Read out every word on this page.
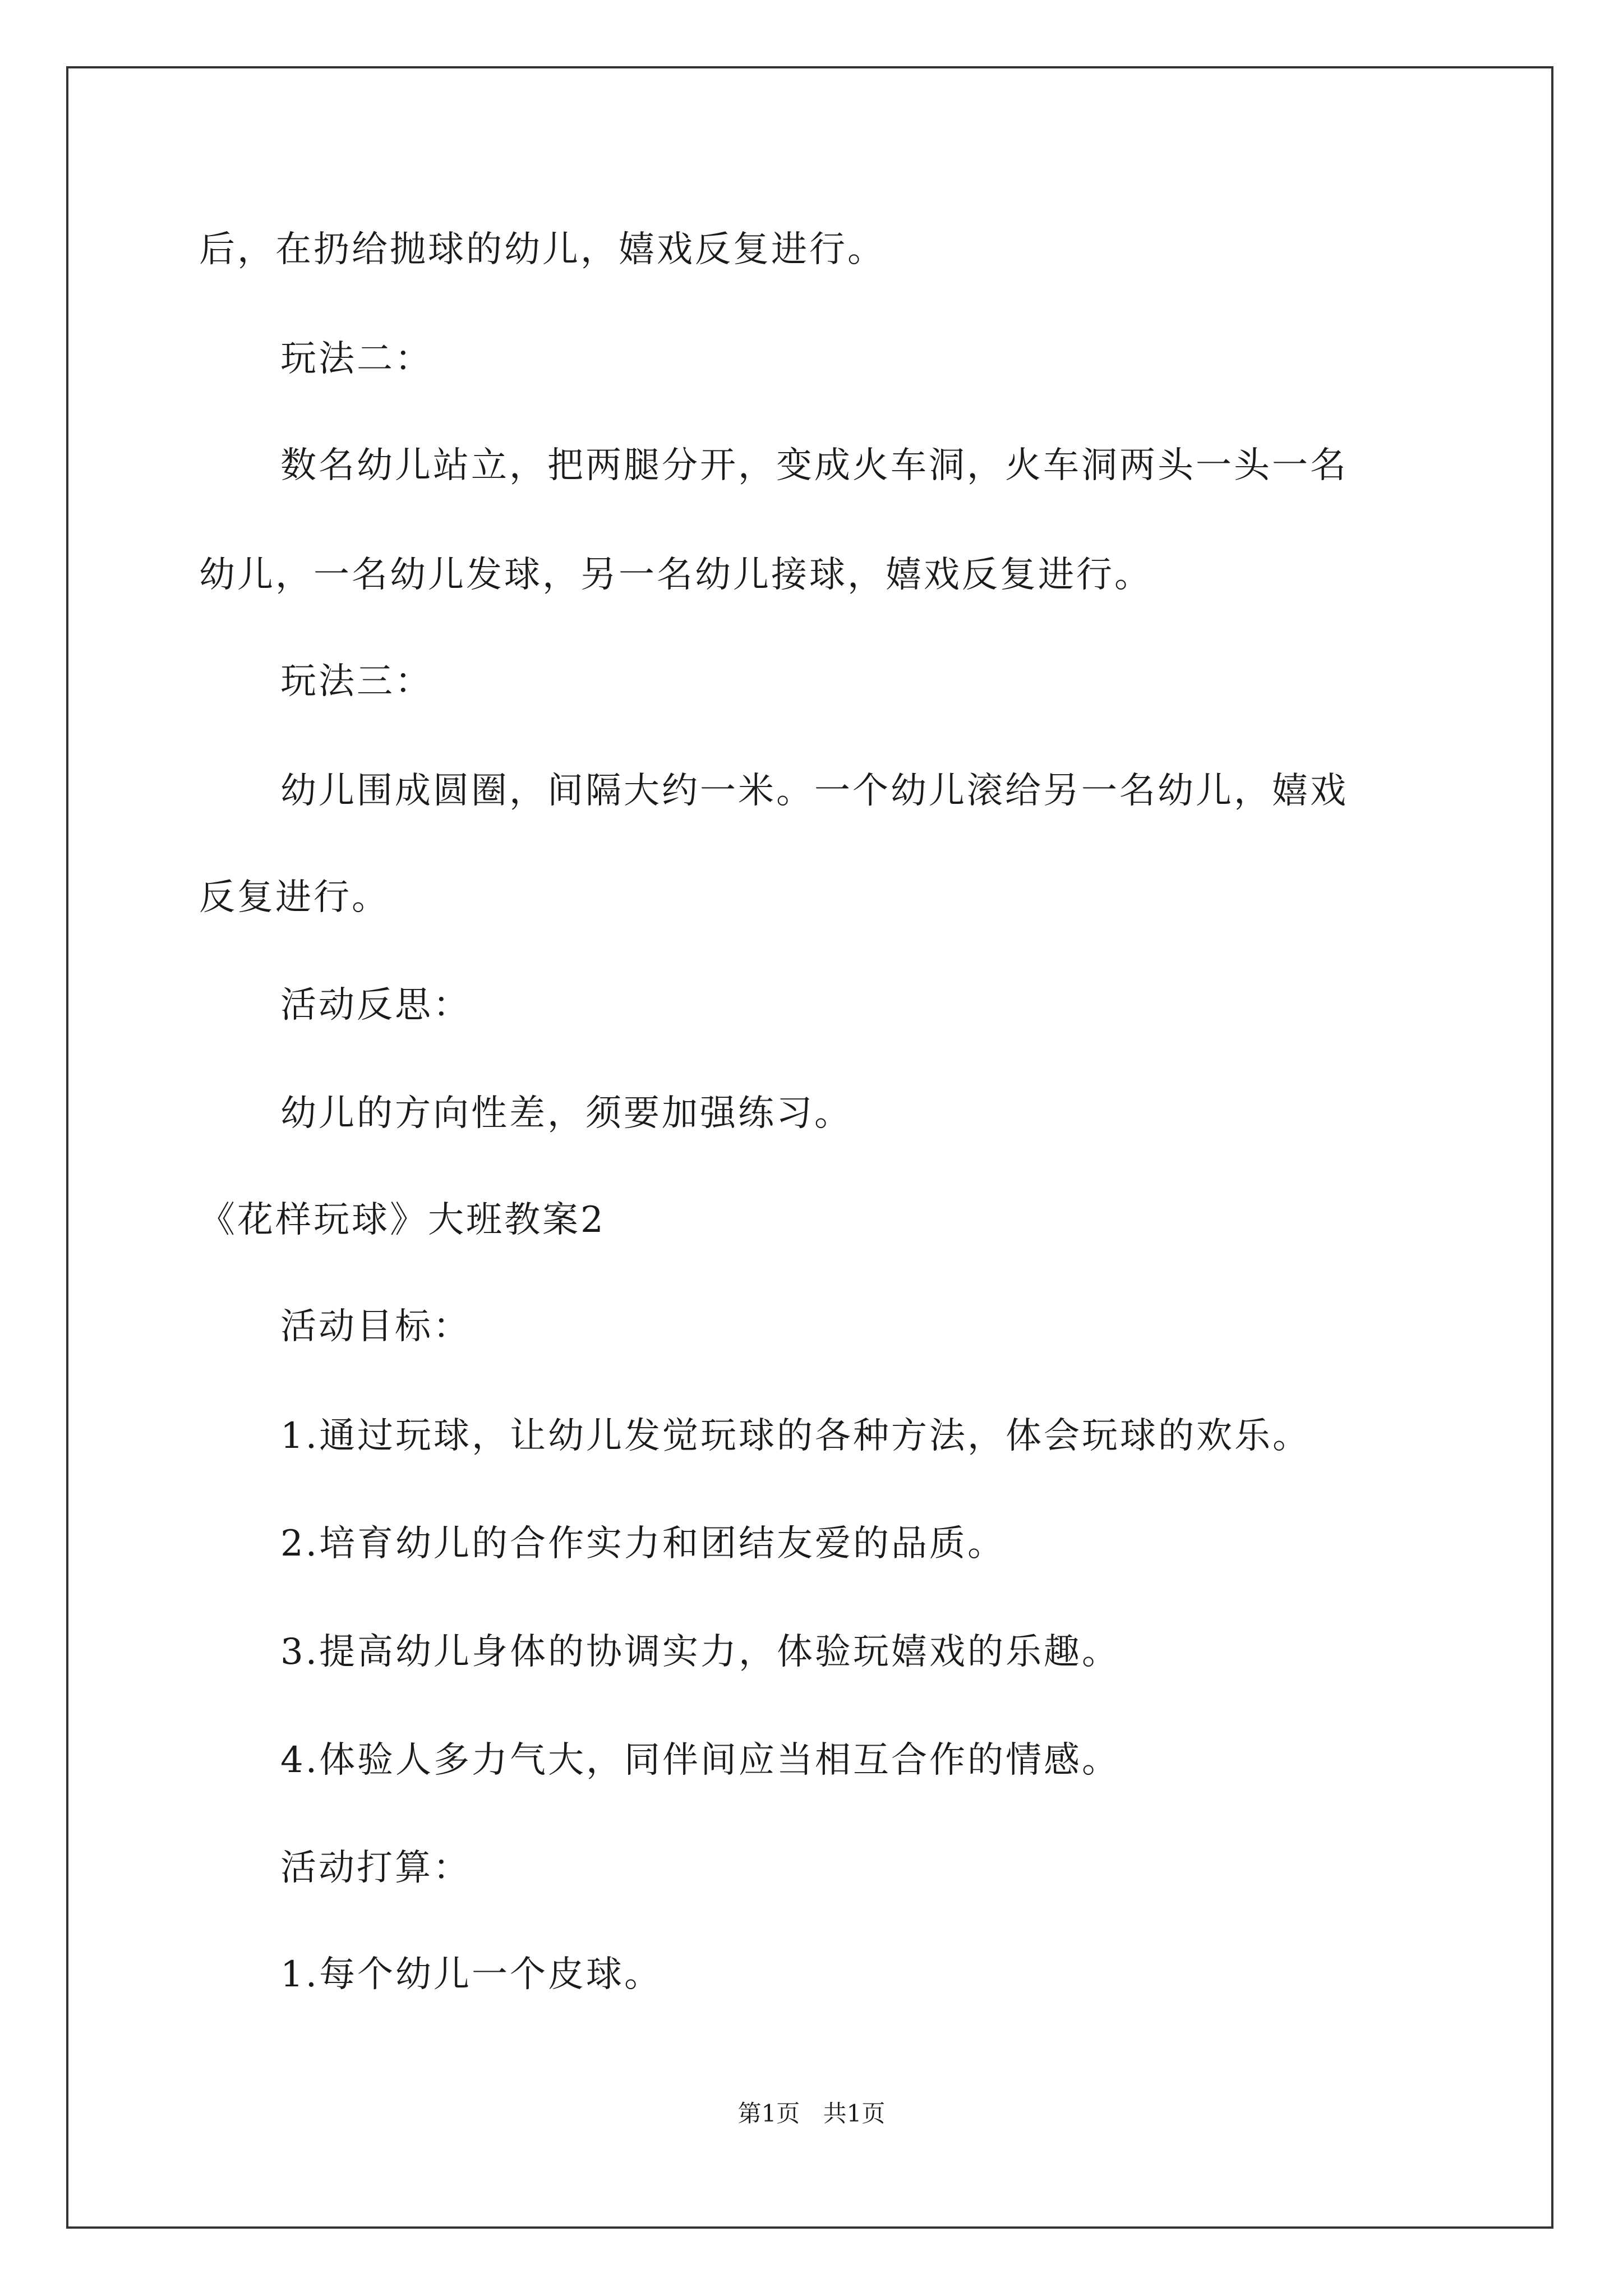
后，在扔给抛球的幼儿，嬉戏反复进行。
玩法二：
数名幼儿站立，把两腿分开，变成火车洞，火车洞两头一头一名
幼儿，一名幼儿发球，另一名幼儿接球，嬉戏反复进行。
玩法三：
幼儿围成圆圈，间隔大约一米。一个幼儿滚给另一名幼儿，嬉戏
反复进行。
活动反思：
幼儿的方向性差，须要加强练习。
《花样玩球》大班教案2
活动目标：
1.通过玩球，让幼儿发觉玩球的各种方法，体会玩球的欢乐。
2.培育幼儿的合作实力和团结友爱的品质。
3.提高幼儿身体的协调实力，体验玩嬉戏的乐趣。
4.体验人多力气大，同伴间应当相互合作的情感。
活动打算：
1.每个幼儿一个皮球。
第1页 共1页
